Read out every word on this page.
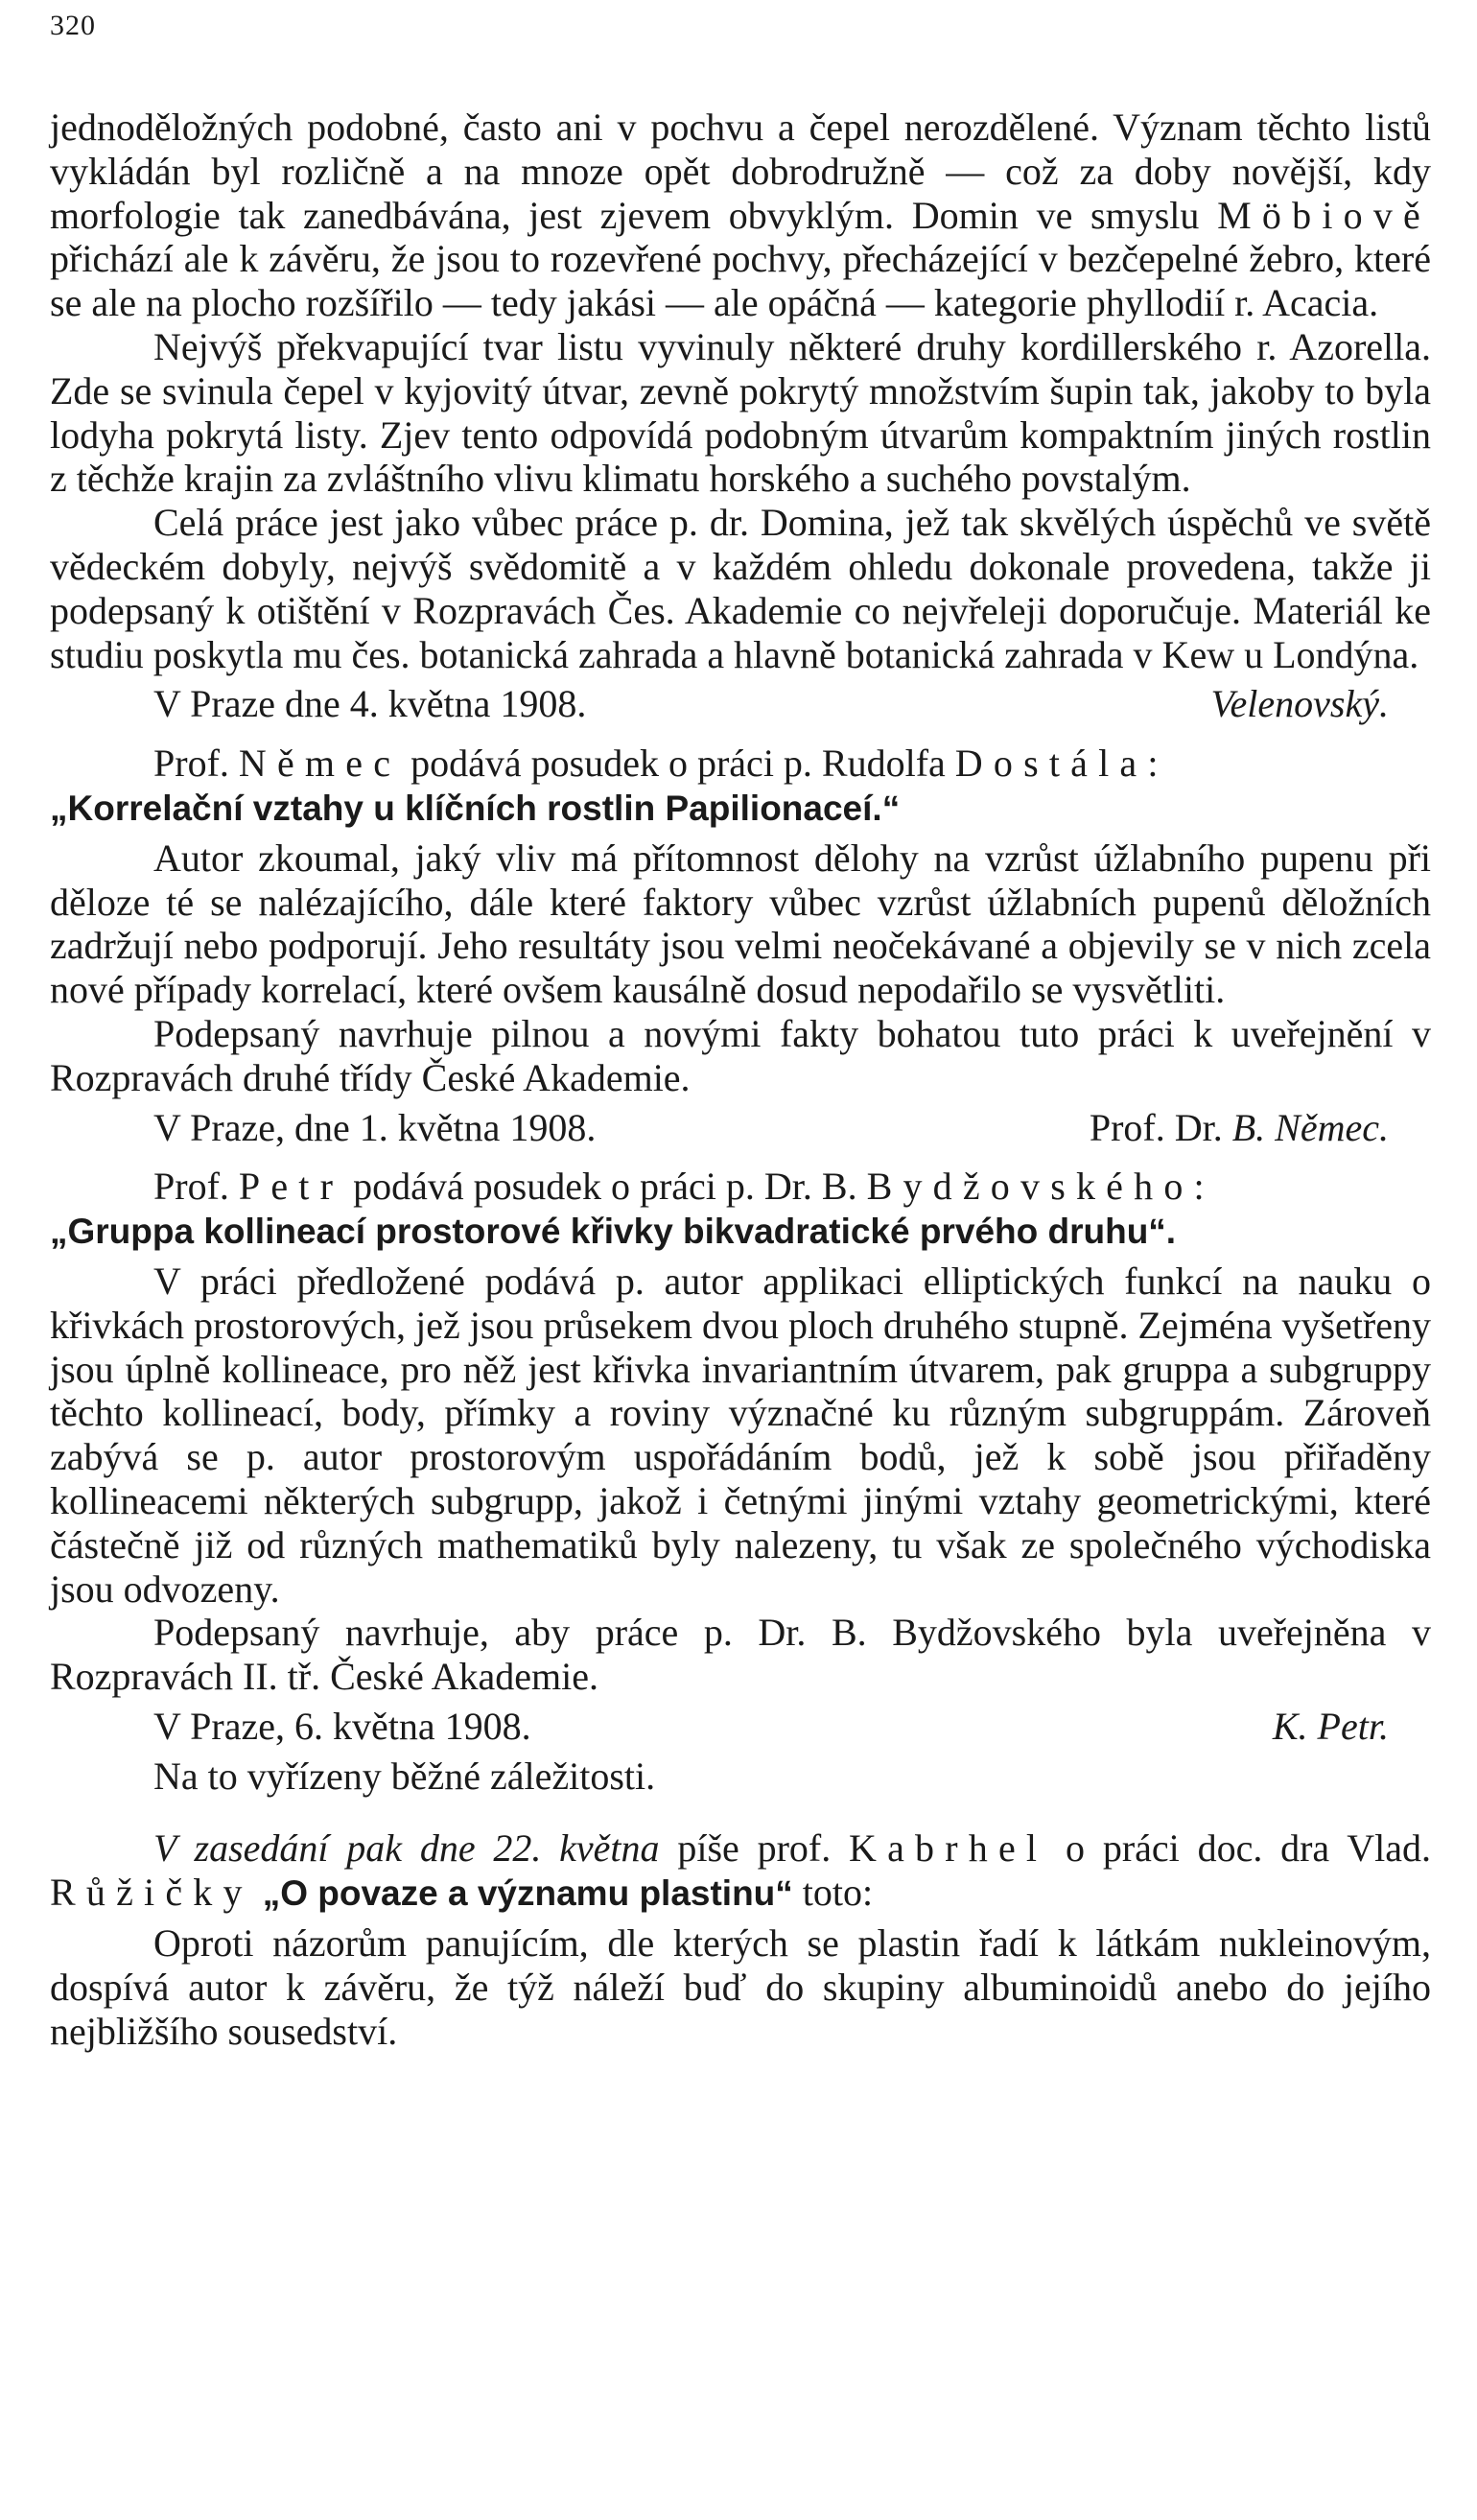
320

jednoděložných podobné, často ani v pochvu a čepel nerozdělené. Význam těchto listů vykládán byl rozličně a na mnoze opět dobrodružně — což za doby novější, kdy morfologie tak zanedbávána, jest zjevem obvyklým. Domin ve smyslu Möbiově přichází ale k závěru, že jsou to rozevřené pochvy, přecházející v bezčepelné žebro, které se ale na plocho rozšířilo — tedy jakási — ale opáčná — kategorie phyllodií r. Acacia.

Nejvýš překvapující tvar listu vyvinuly některé druhy kordillerského r. Azorella. Zde se svinula čepel v kyjovitý útvar, zevně pokrytý množstvím šupin tak, jakoby to byla lodyha pokrytá listy. Zjev tento odpovídá podobným útvarům kompaktním jiných rostlin z těchže krajin za zvláštního vlivu klimatu horského a suchého povstalým.

Celá práce jest jako vůbec práce p. dr. Domina, jež tak skvělých úspěchů ve světě vědeckém dobyly, nejvýš svědomitě a v každém ohledu dokonale provedena, takže ji podepsaný k otištění v Rozpravách Čes. Akademie co nejvřeleji doporučuje. Materiál ke studiu poskytla mu čes. botanická zahrada a hlavně botanická zahrada v Kew u Londýna.

V Praze dne 4. května 1908.	Velenovský.

Prof. Němec podává posudek o práci p. Rudolfa Dostála:

„Korrelační vztahy u klíčních rostlin Papilionaceí.“

Autor zkoumal, jaký vliv má přítomnost dělohy na vzrůst úžlabního pupenu při děloze té se nalézajícího, dále které faktory vůbec vzrůst úžlabních pupenů děložních zadržují nebo podporují. Jeho resultáty jsou velmi neočekávané a objevily se v nich zcela nové případy korrelací, které ovšem kausálně dosud nepodařilo se vysvětliti.

Podepsaný navrhuje pilnou a novými fakty bohatou tuto práci k uveřejnění v Rozpravách druhé třídy České Akademie.

V Praze, dne 1. května 1908.	Prof. Dr. B. Němec.

Prof. Petr podává posudek o práci p. Dr. B. Bydžovského:

„Gruppa kollineací prostorové křivky bikvadratické prvého druhu“.

V práci předložené podává p. autor applikaci elliptických funkcí na nauku o křivkách prostorových, jež jsou průsekem dvou ploch druhého stupně. Zejména vyšetřeny jsou úplně kollineace, pro něž jest křivka invariantním útvarem, pak gruppa a subgruppy těchto kollineací, body, přímky a roviny význačné ku různým subgruppám. Zároveň zabývá se p. autor prostorovým uspořádáním bodů, jež k sobě jsou přiřaděny kollineacemi některých subgrupp, jakož i četnými jinými vztahy geometrickými, které částečně již od různých mathematiků byly nalezeny, tu však ze společného východiska jsou odvozeny.

Podepsaný navrhuje, aby práce p. Dr. B. Bydžovského byla uveřejněna v Rozpravách II. tř. České Akademie.

V Praze, 6. května 1908.	K. Petr.

Na to vyřízeny běžné záležitosti.

V zasedání pak dne 22. května píše prof. Kabrhel o práci doc. dra Vlad. Růžičky „O povaze a významu plastinu“ toto:

Oproti názorům panujícím, dle kterých se plastin řadí k látkám nukleinovým, dospívá autor k závěru, že týž náleží buď do skupiny albuminoidů anebo do jejího nejbližšího sousedství.
